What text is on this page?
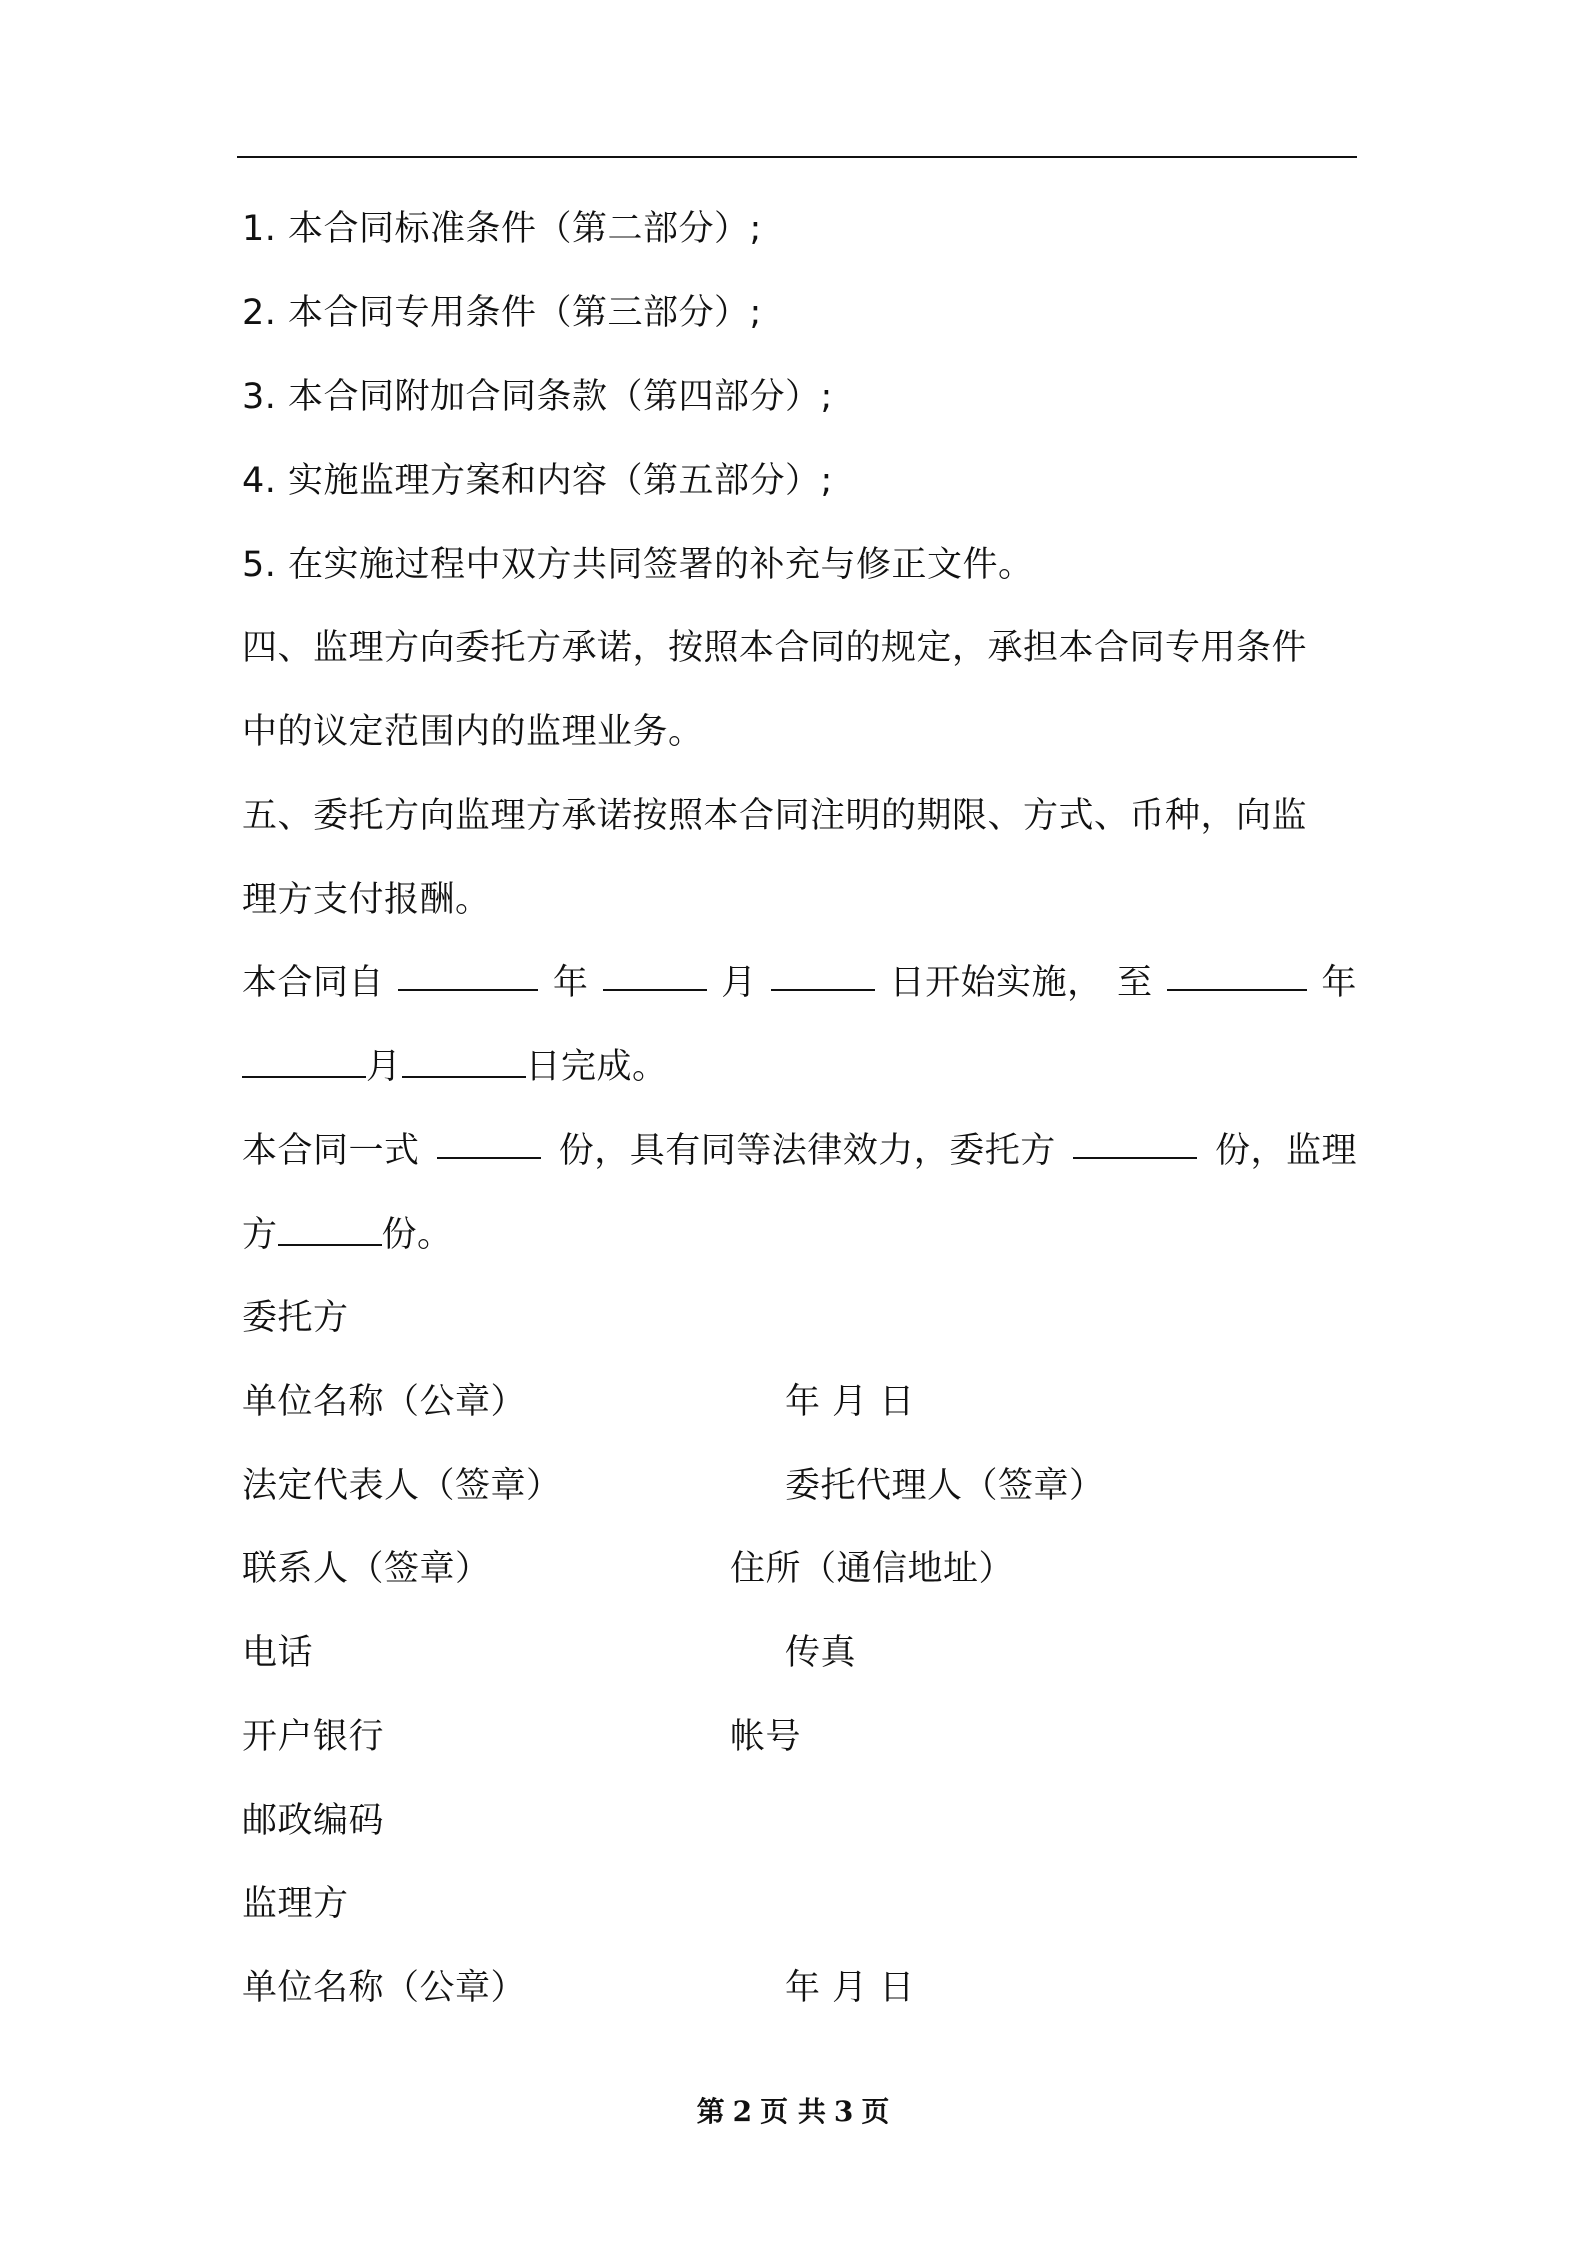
1. 本合同标准条件（第二部分）;
2. 本合同专用条件（第三部分）;
3. 本合同附加合同条款（第四部分）;
4. 实施监理方案和内容（第五部分）;
5. 在实施过程中双方共同签署的补充与修正文件。
四、监理方向委托方承诺，按照本合同的规定，承担本合同专用条件
中的议定范围内的监理业务。
五、委托方向监理方承诺按照本合同注明的期限、方式、币种，向监
理方支付报酬。
本合同自	年	月	日开始实施， 至	年
月	日完成。
本合同一式	份，具有同等法律效力，委托方	份，监理
方	份。
委托方
单位名称（公章）	年 月 日
法定代表人（签章）	委托代理人（签章）
联系人（签章）	住所（通信地址）
电话	传真
开户银行	帐号
邮政编码
监理方
单位名称（公章）	年 月 日
第 2 页 共 3 页
